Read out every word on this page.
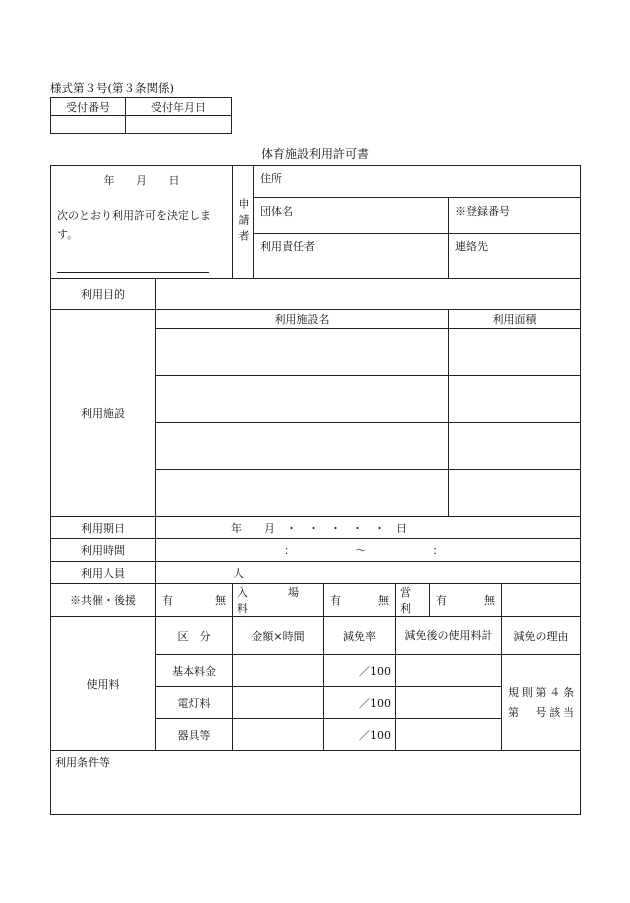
様式第３号(第３条関係)
受付番号	受付年月日

体育施設利用許可書
年 月 日
次のとおり利用許可を決定します。		申請者	住所					
			団体名				※登録番号	
			利用責任者				連絡先	
利用目的								
利用施設	利用施設名						利用面積	

利用期日	年　　月　・　・　・　・　・　日							
利用時間	：　　　　　　〜　　　　　　：							
利用人員	人							
※共催・後援	有 無	入場料		有 無	営利	有 無		

使用料	区　分	金額×時間		減免率	減免後の使用料計			減免の理由
	基本料金			／100				規則第４条
第　号該当

	電灯料			／100				
	器具等			／100				
利用条件等								
